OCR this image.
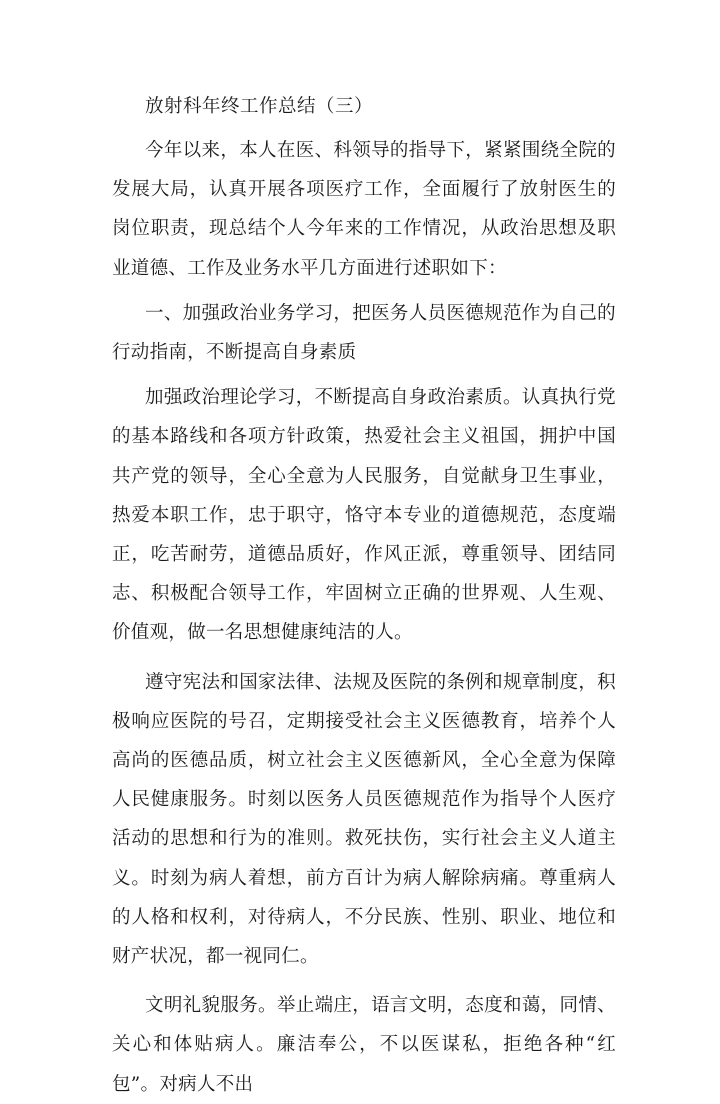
放射科年终工作总结（三）

今年以来，本人在医、科领导的指导下，紧紧围绕全院的发展大局，认真开展各项医疗工作，全面履行了放射医生的岗位职责，现总结个人今年来的工作情况，从政治思想及职业道德、工作及业务水平几方面进行述职如下：

一、加强政治业务学习，把医务人员医德规范作为自己的行动指南，不断提高自身素质

加强政治理论学习，不断提高自身政治素质。认真执行党的基本路线和各项方针政策，热爱社会主义祖国，拥护中国共产党的领导，全心全意为人民服务，自觉献身卫生事业，热爱本职工作，忠于职守，恪守本专业的道德规范，态度端正，吃苦耐劳，道德品质好，作风正派，尊重领导、团结同志、积极配合领导工作，牢固树立正确的世界观、人生观、价值观，做一名思想健康纯洁的人。

遵守宪法和国家法律、法规及医院的条例和规章制度，积极响应医院的号召，定期接受社会主义医德教育，培养个人高尚的医德品质，树立社会主义医德新风，全心全意为保障人民健康服务。时刻以医务人员医德规范作为指导个人医疗活动的思想和行为的准则。救死扶伤，实行社会主义人道主义。时刻为病人着想，前方百计为病人解除病痛。尊重病人的人格和权利，对待病人，不分民族、性别、职业、地位和财产状况，都一视同仁。

文明礼貌服务。举止端庄，语言文明，态度和蔼，同情、关心和体贴病人。廉洁奉公，不以医谋私，拒绝各种“红包”。对病人不出
